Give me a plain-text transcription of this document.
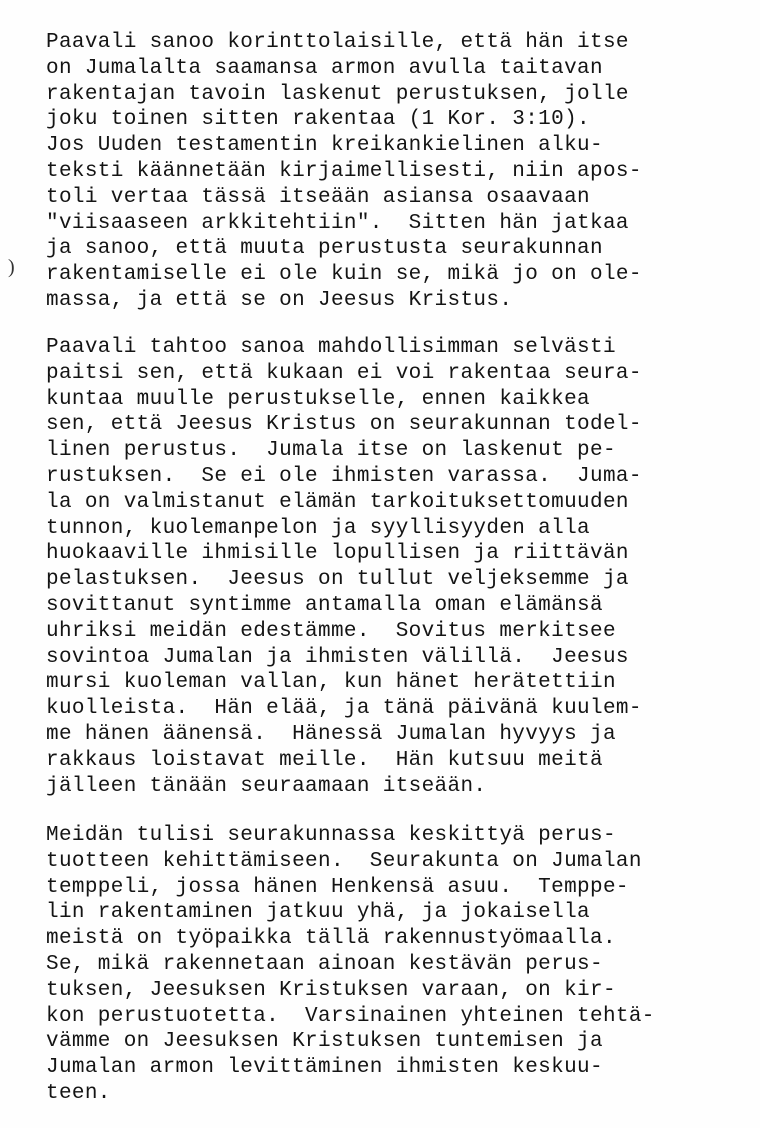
)
Paavali sanoo korinttolaisille, että hän itse
on Jumalalta saamansa armon avulla taitavan
rakentajan tavoin laskenut perustuksen, jolle
joku toinen sitten rakentaa (1 Kor. 3:10).
Jos Uuden testamentin kreikankielinen alku-
teksti käännetään kirjaimellisesti, niin apos-
toli vertaa tässä itseään asiansa osaavaan
"viisaaseen arkkitehtiin".  Sitten hän jatkaa
ja sanoo, että muuta perustusta seurakunnan
rakentamiselle ei ole kuin se, mikä jo on ole-
massa, ja että se on Jeesus Kristus.
Paavali tahtoo sanoa mahdollisimman selvästi
paitsi sen, että kukaan ei voi rakentaa seura-
kuntaa muulle perustukselle, ennen kaikkea
sen, että Jeesus Kristus on seurakunnan todel-
linen perustus.  Jumala itse on laskenut pe-
rustuksen.  Se ei ole ihmisten varassa.  Juma-
la on valmistanut elämän tarkoituksettomuuden
tunnon, kuolemanpelon ja syyllisyyden alla
huokaaville ihmisille lopullisen ja riittävän
pelastuksen.  Jeesus on tullut veljeksemme ja
sovittanut syntimme antamalla oman elämänsä
uhriksi meidän edestämme.  Sovitus merkitsee
sovintoa Jumalan ja ihmisten välillä.  Jeesus
mursi kuoleman vallan, kun hänet herätettiin
kuolleista.  Hän elää, ja tänä päivänä kuulem-
me hänen äänensä.  Hänessä Jumalan hyvyys ja
rakkaus loistavat meille.  Hän kutsuu meitä
jälleen tänään seuraamaan itseään.
Meidän tulisi seurakunnassa keskittyä perus-
tuotteen kehittämiseen.  Seurakunta on Jumalan
temppeli, jossa hänen Henkensä asuu.  Temppe-
lin rakentaminen jatkuu yhä, ja jokaisella
meistä on työpaikka tällä rakennustyömaalla.
Se, mikä rakennetaan ainoan kestävän perus-
tuksen, Jeesuksen Kristuksen varaan, on kir-
kon perustuotetta.  Varsinainen yhteinen tehtä-
vämme on Jeesuksen Kristuksen tuntemisen ja
Jumalan armon levittäminen ihmisten keskuu-
teen.
